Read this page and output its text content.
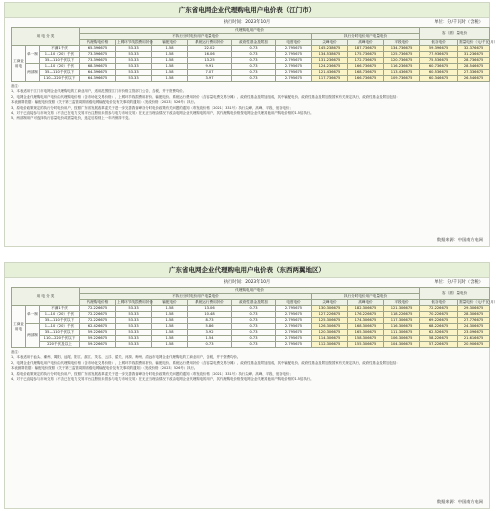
广东省电网企业代理购电用户电价表（江门市）
执行时间：2023年10月	单位：分/千瓦时（含税）
用 电 分 类			代理购电用户电价									容（需）量电价		
			不执行分时电价用户电量电价						执行分时电价用户电量电价					
			代理购电价格	上网环节线损费用折价	输配电价	系统运行费用折价	政府性基金及附加	电度电价	尖峰电价	高峰电价	平段电价	低谷电价	需量电价（元/千瓦·月）	
工商业用电	单一制	不满1千伏	65.396675	53.33	1.58	22.02	0.73	2.795675	145.238675	187.736675	134.736675	59.396675	32.376675		
		1—10（20）千伏	73.396675	53.33	1.58	16.06	0.73	2.795675	134.538675	175.736675	125.736675	77.936675	31.236675		
		35—110千伏以下	73.396675	53.33	1.58	13.25	0.73	2.795675	131.236675	172.736675	120.736675	75.536675	28.736675		
	两部制	1—10（20）千伏	68.396675	53.33	1.58	9.91	0.73	2.795675	124.236675	166.736675	116.236675	60.736675	28.546675		
		35—110千伏以下	64.396675	53.33	1.58	7.07	0.73	2.795675	121.436675	168.736675	113.436675	60.536675	27.336675		
		110—220千伏以下	64.396675	53.33	1.58	3.97	0.73	2.795675	117.736675	166.736675	109.736675	60.346675	26.546675		

备注：

1、本表适用于江门市电网企业代理购电的工商业用户，适用范围按江门市价格主管部门公告，含税，并于资费均价。

2、电网企业代理购电用户电价由代理购电价格（含市场化交易价格）、上网环节线损费用折价、输配电价、系统运行费用折价（含容量电费交易分摊）、政府性基金及附加组成，其中输配电价、政府性基金及附加按国家有关规定执行，政府性基金及附加包括：

本表测算依据：输配电价按照《关于第三监管周期省级电网输配电价及有关事项的通知》（发改价格〔2023〕526号）执行。

3、原电价政策规定的执行分时电价用户，按照广东省发展改革委关于进一步完善我省峰谷分时电价政策有关问题的通知（粤发改价格〔2021〕331号）执行尖峰、高峰、平段、低谷电价；

4、对于已直接参与市场交易（不含已在电力交易平台注册但未曾参与电力市场交易）在无正当理由情况下改由电网企业代理购电的用户，其代理购电价格按电网企业代理其他用户购电价格的1.5倍执行。

5、两部制用户可选择执行容量电价或需量电价，选定后原则上一年内保持不变。

数据来源：中国南方电网
广东省电网企业代理购电用户电价表（东西两翼地区）
执行时间：2023年10月	单位：分/千瓦时（含税）
用 电 分 类			代理购电用户电价									容（需）量电价		
			不执行分时电价用户电量电价						执行分时电价用户电量电价					
			代理购电价格	上网环节线损费用折价	输配电价	系统运行费用折价	政府性基金及附加	电度电价	尖峰电价	高峰电价	平段电价	低谷电价	需量电价（元/千瓦·月）	
工商业用电	单一制	不满1千伏	72.226675	53.33	1.58	13.06	0.73	2.795675	130.306675	182.306675	121.306675	72.226675	29.306675		
		1—10（20）千伏	72.226675	53.33	1.58	10.48	0.73	2.795675	127.226675	176.226675	118.226675	70.226675	28.306675		
		35—110千伏以下	72.226675	53.33	1.58	8.73	0.73	2.795675	125.306675	174.306675	117.306675	69.226675	27.776675		
	两部制	1—10（20）千伏	62.426675	53.33	1.58	5.86	0.73	2.795675	126.306675	168.306675	116.306675	68.226675	24.306675		
		35—110千伏以下	59.226675	53.33	1.58	3.92	0.73	2.795675	120.306675	165.306675	111.306675	62.526675	23.096675		
		110—220千伏以下	59.226675	53.33	1.58	1.54	0.73	2.795675	114.306675	158.306675	106.306675	58.226675	21.616675		
		220千伏及以上	59.226675	53.33	1.58	0.73	0.73	2.795675	112.306675	155.306675	104.306675	57.226675	20.906675		

备注：

1、本表适用于汕头、潮州、揭阳、汕尾、阳江、湛江、茂名、云浮、韶关、河源、梅州、清远市电网企业代理购电的工商业用户，含税，并于资费均价。

2、电网企业代理购电用户电价由代理购电价格（含市场化交易价格）、上网环节线损费用折价、输配电价、系统运行费用折价（含容量电费交易分摊）、政府性基金及附加组成，其中输配电价、政府性基金及附加按国家有关规定执行，政府性基金及附加包括：

本表测算依据：输配电价按照《关于第三监管周期省级电网输配电价及有关事项的通知》（发改价格〔2023〕526号）执行。

3、原电价政策规定的执行分时电价用户，按照广东省发展改革委关于进一步完善我省峰谷分时电价政策有关问题的通知（粤发改价格〔2021〕331号）执行尖峰、高峰、平段、低谷电价；

4、对于已直接参与市场交易（不含已在电力交易平台注册但未曾参与电力市场交易）在无正当理由情况下改由电网企业代理购电的用户，其代理购电价格按电网企业代理其他用户购电价格的1.5倍执行。

数据来源：中国南方电网
